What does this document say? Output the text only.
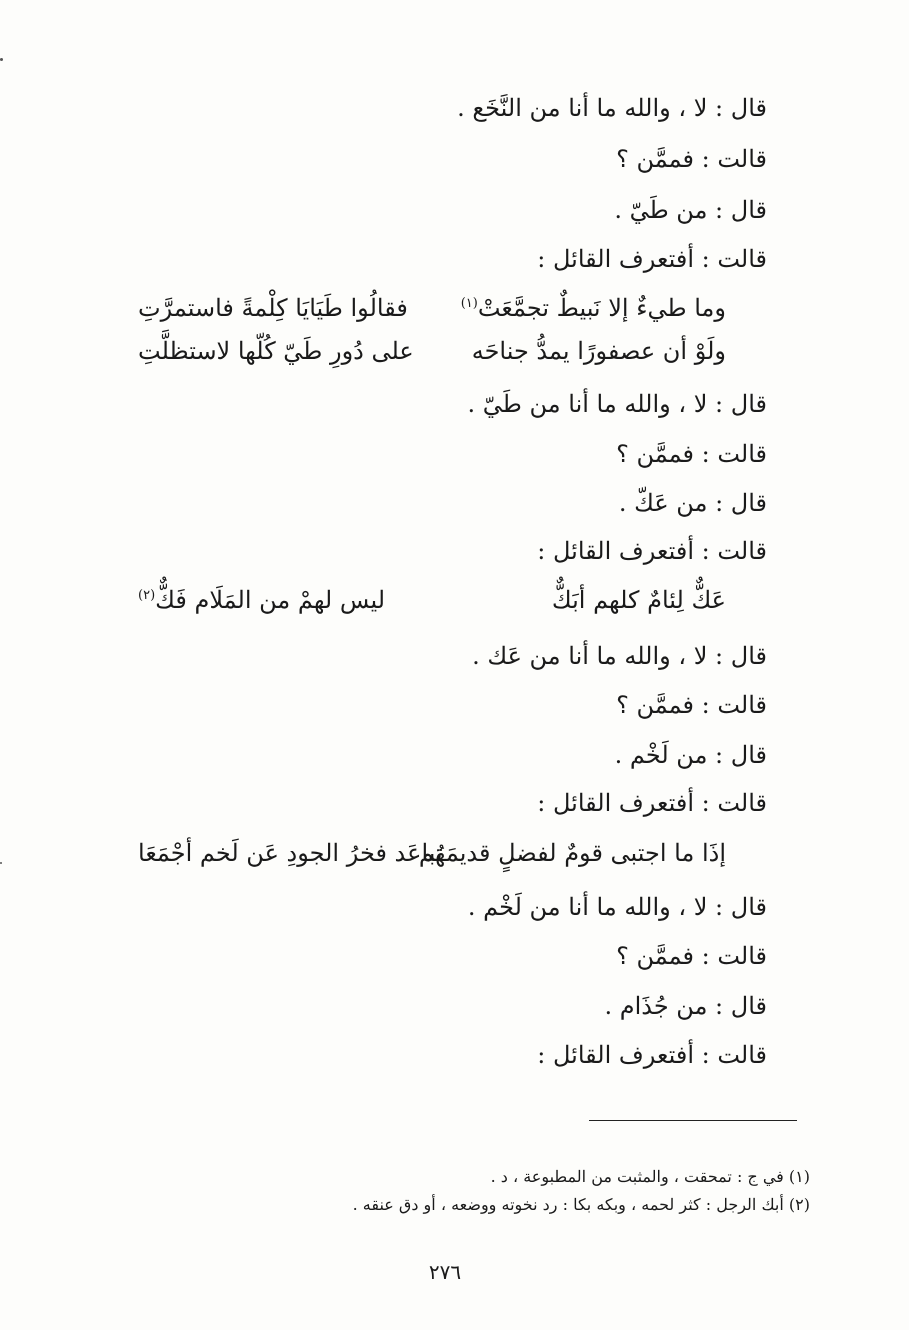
قال : لا ، والله ما أنا من النَّخَع .
قالت : فممَّن ؟
قال : من طَيّ .
قالت : أفتعرف القائل :
وما طيءٌ إلا نَبيطٌ تجمَّعَتْ$^{(١)}$
فقالُوا طَيَايَا كِلْمةً فاستمرَّتِ
ولَوْ أن عصفورًا يمدُّ جناحَه
على دُورِ طَيّ كُلّها لاستظلَّتِ
قال : لا ، والله ما أنا من طَيّ .
قالت : فممَّن ؟
قال : من عَكّ .
قالت : أفتعرف القائل :
عَكٌّ لِئامٌ كلهم أبَكٌّ
ليس لهمْ من المَلَام فَكٌّ$^{(٢)}$
قال : لا ، والله ما أنا من عَك .
قالت : فممَّن ؟
قال : من لَخْم .
قالت : أفتعرف القائل :
إذَا ما اجتبى قومٌ لفضلٍ قديمَهُم
تباعَد فخرُ الجودِ عَن لَخم أجْمَعَا
قال : لا ، والله ما أنا من لَخْم .
قالت : فممَّن ؟
قال : من جُذَام .
قالت : أفتعرف القائل :
(١) في ج : تمحقت ، والمثبت من المطبوعة ، د .
(٢) أبك الرجل : كثر لحمه ، وبكه بكا : رد نخوته ووضعه ، أو دق عنقه .
٢٧٦
